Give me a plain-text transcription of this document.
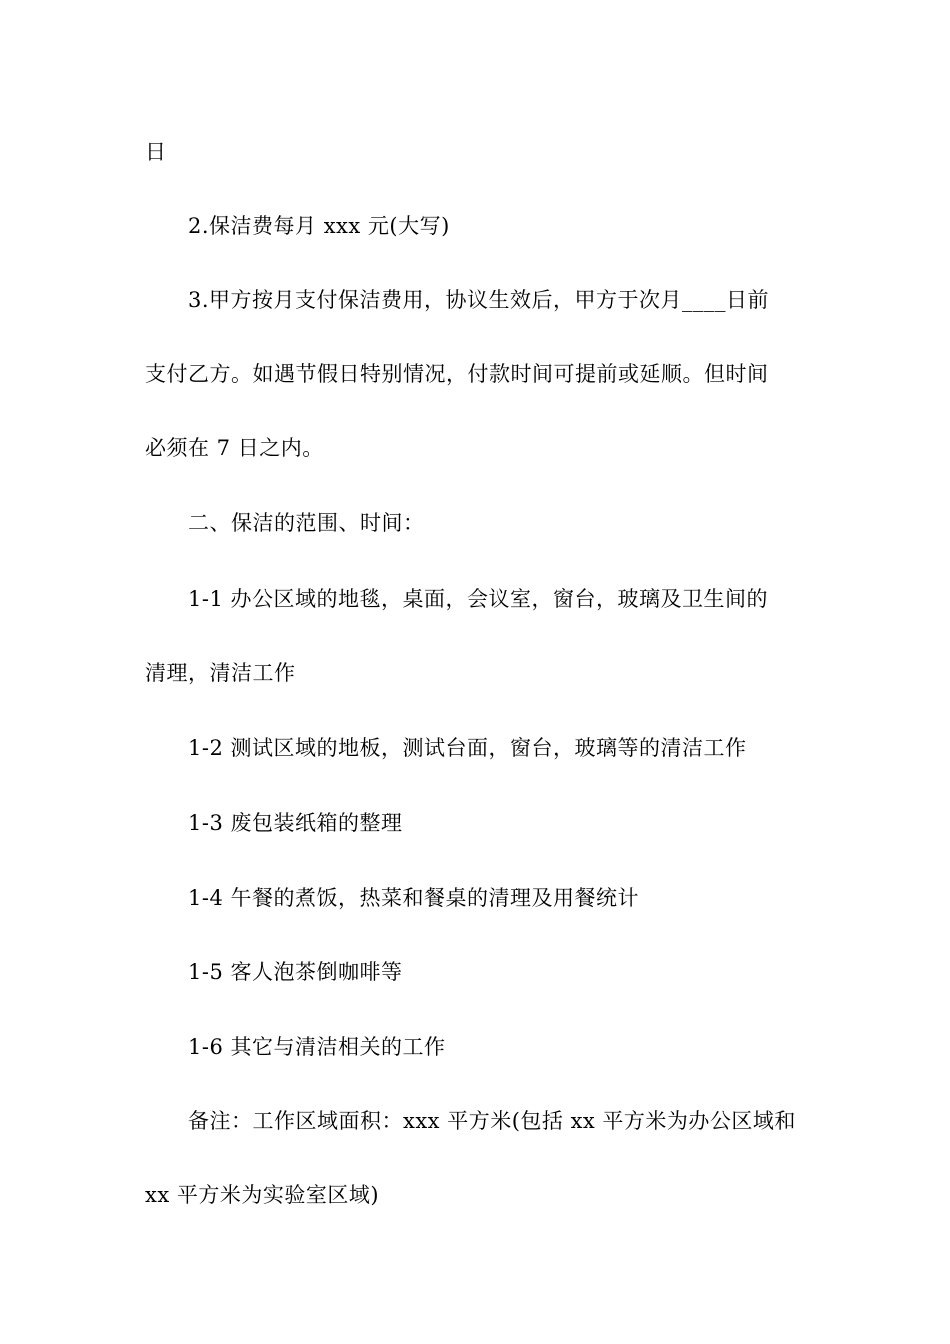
日
2.保洁费每月 xxx 元(大写)
3.甲方按月支付保洁费用，协议生效后，甲方于次月____日前
支付乙方。如遇节假日特别情况，付款时间可提前或延顺。但时间
必须在 7 日之内。
二、保洁的范围、时间：
1-1 办公区域的地毯，桌面，会议室，窗台，玻璃及卫生间的
清理，清洁工作
1-2 测试区域的地板，测试台面，窗台，玻璃等的清洁工作
1-3 废包装纸箱的整理
1-4 午餐的煮饭，热菜和餐桌的清理及用餐统计
1-5 客人泡茶倒咖啡等
1-6 其它与清洁相关的工作
备注：工作区域面积：xxx 平方米(包括 xx 平方米为办公区域和
xx 平方米为实验室区域)
